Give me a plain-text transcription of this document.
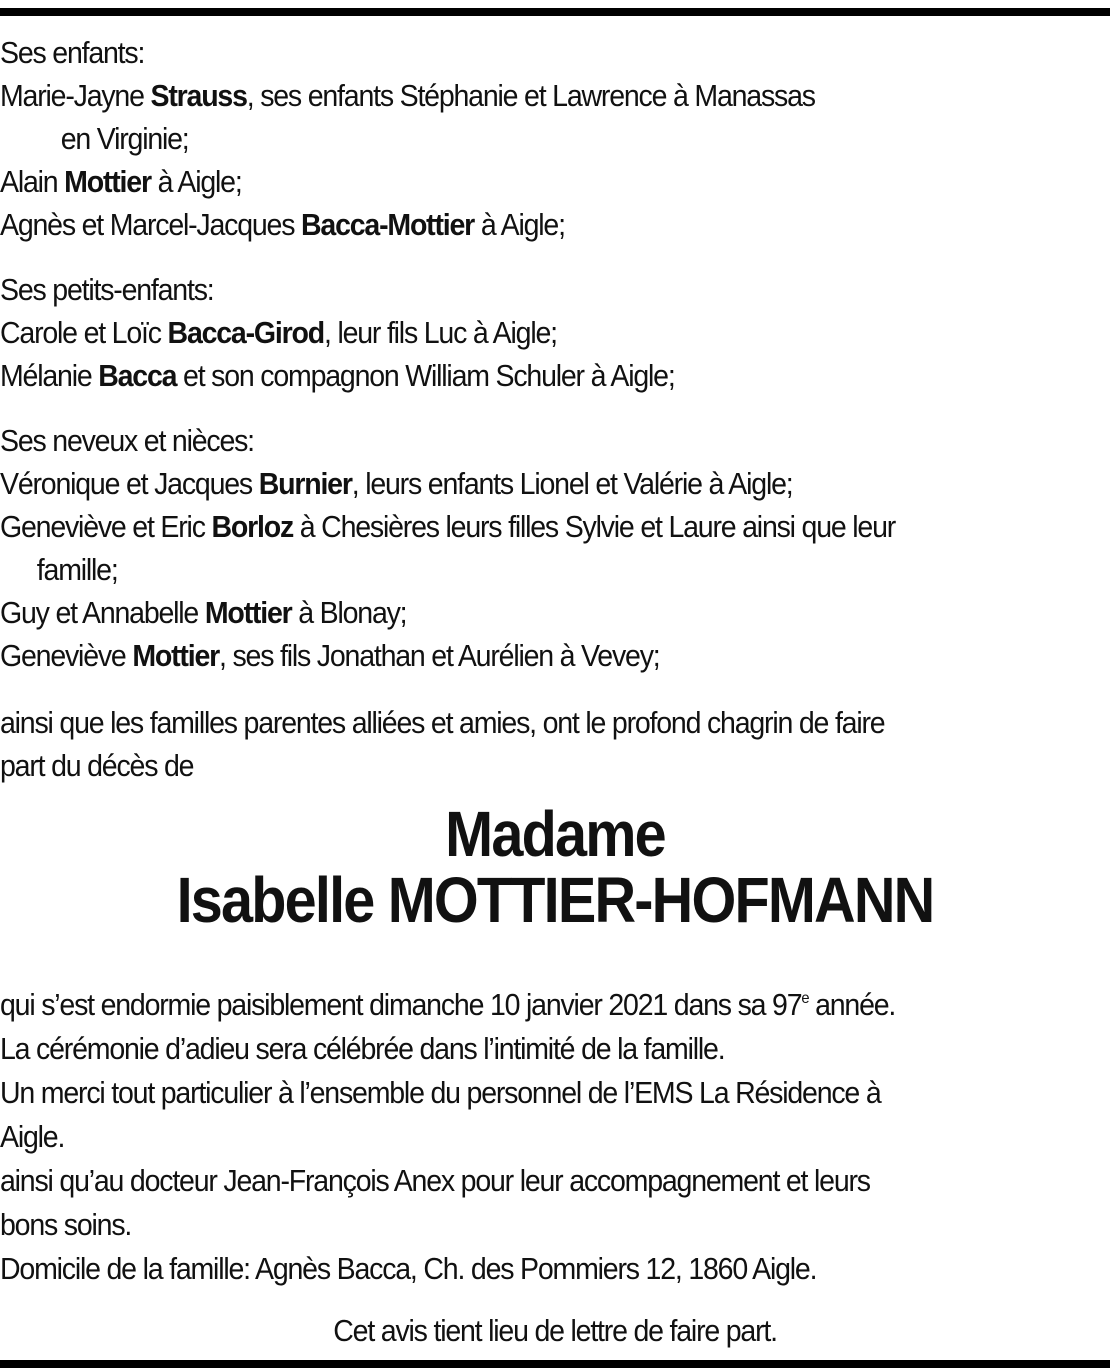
Ses enfants:
Marie-Jayne Strauss, ses enfants Stéphanie et Lawrence à Manassas
en Virginie;
Alain Mottier à Aigle;
Agnès et Marcel-Jacques Bacca-Mottier à Aigle;
Ses petits-enfants:
Carole et Loïc Bacca-Girod, leur fils Luc à Aigle;
Mélanie Bacca et son compagnon William Schuler à Aigle;
Ses neveux et nièces:
Véronique et Jacques Burnier, leurs enfants Lionel et Valérie à Aigle;
Geneviève et Eric Borloz à Chesières leurs filles Sylvie et Laure ainsi que leur
famille;
Guy et Annabelle Mottier à Blonay;
Geneviève Mottier, ses fils Jonathan et Aurélien à Vevey;
ainsi que les familles parentes alliées et amies, ont le profond chagrin de faire
part du décès de
Madame
Isabelle MOTTIER-HOFMANN
qui s’est endormie paisiblement dimanche 10 janvier 2021 dans sa 97e année.
La cérémonie d’adieu sera célébrée dans l’intimité de la famille.
Un merci tout particulier à l’ensemble du personnel de l’EMS La Résidence à
Aigle.
ainsi qu’au docteur Jean-François Anex pour leur accompagnement et leurs
bons soins.
Domicile de la famille: Agnès Bacca, Ch. des Pommiers 12, 1860 Aigle.
Cet avis tient lieu de lettre de faire part.
